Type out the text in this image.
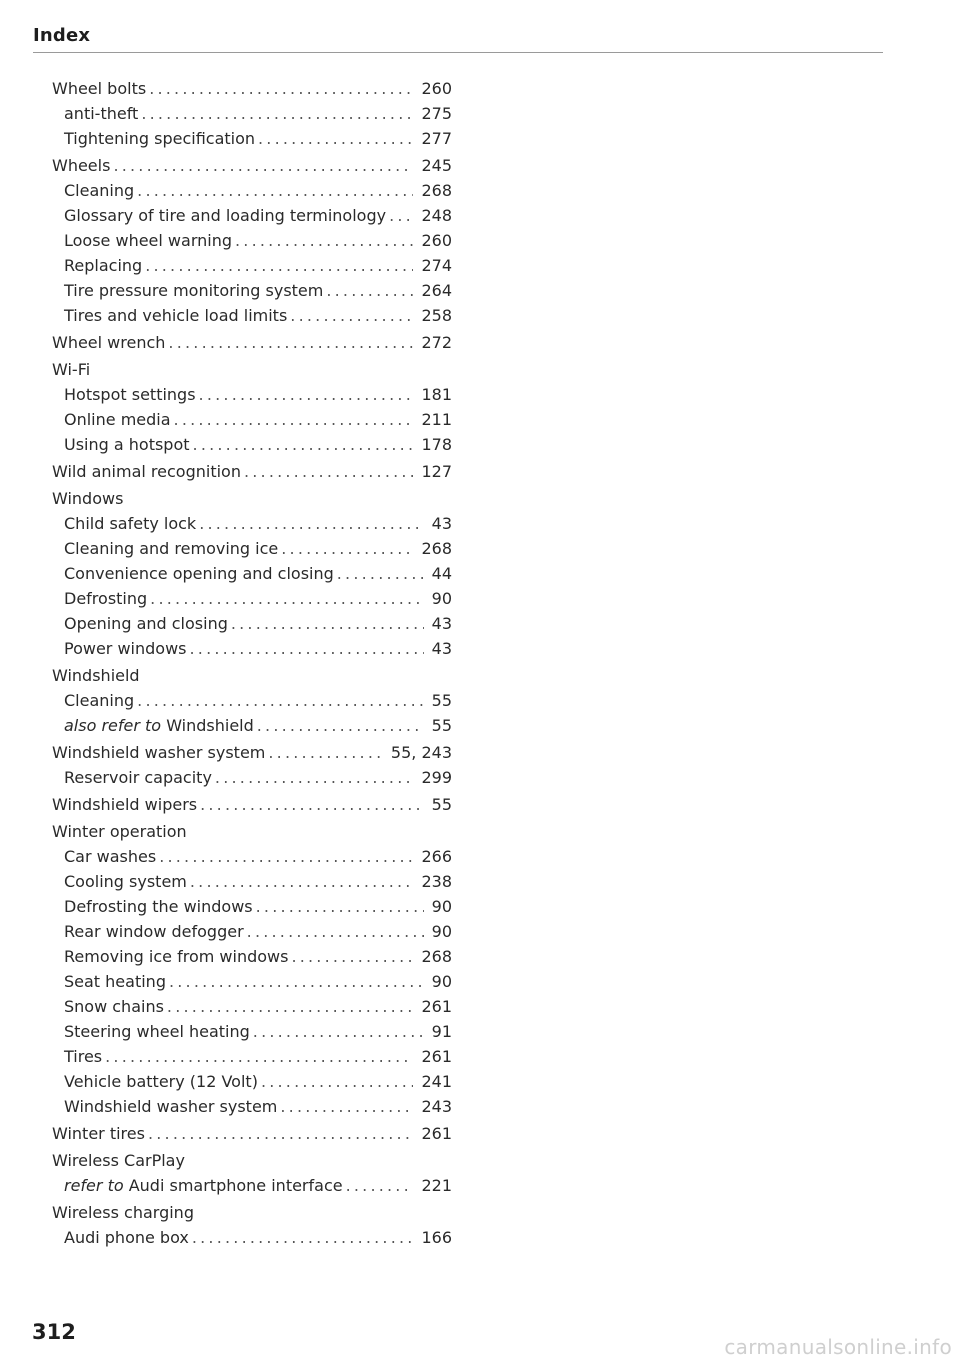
Index
Wheel bolts .....	260
anti-theft .....	275
Tightening specification .....	277
Wheels .....	245
Cleaning .....	268
Glossary of tire and loading terminology ..... 248
Loose wheel warning .....	260
Replacing .....	274
Tire pressure monitoring system .....	264
Tires and vehicle load limits .....	258
Wheel wrench .....	272
Wi-Fi
Hotspot settings .....	181
Online media .....	211
Using a hotspot .....	178
Wild animal recognition .....	127
Windows
Child safety lock .....	43
Cleaning and removing ice .....	268
Convenience opening and closing .....	44
Defrosting .....	90
Opening and closing .....	43
Power windows .....	43
Windshield
Cleaning .....	55
also refer to Windshield .....	55
Windshield washer system .....	55, 243
Reservoir capacity .....	299
Windshield wipers .....	55
Winter operation
Car washes .....	266
Cooling system .....	238
Defrosting the windows .....	90
Rear window defogger .....	90
Removing ice from windows .....	268
Seat heating .....	90
Snow chains .....	261
Steering wheel heating .....	91
Tires .....	261
Vehicle battery (12 Volt) .....	241
Windshield washer system .....	243
Winter tires .....	261
Wireless CarPlay
refer to Audi smartphone interface .....	221
Wireless charging
Audi phone box .....	166
312
carmanualsonline.info
